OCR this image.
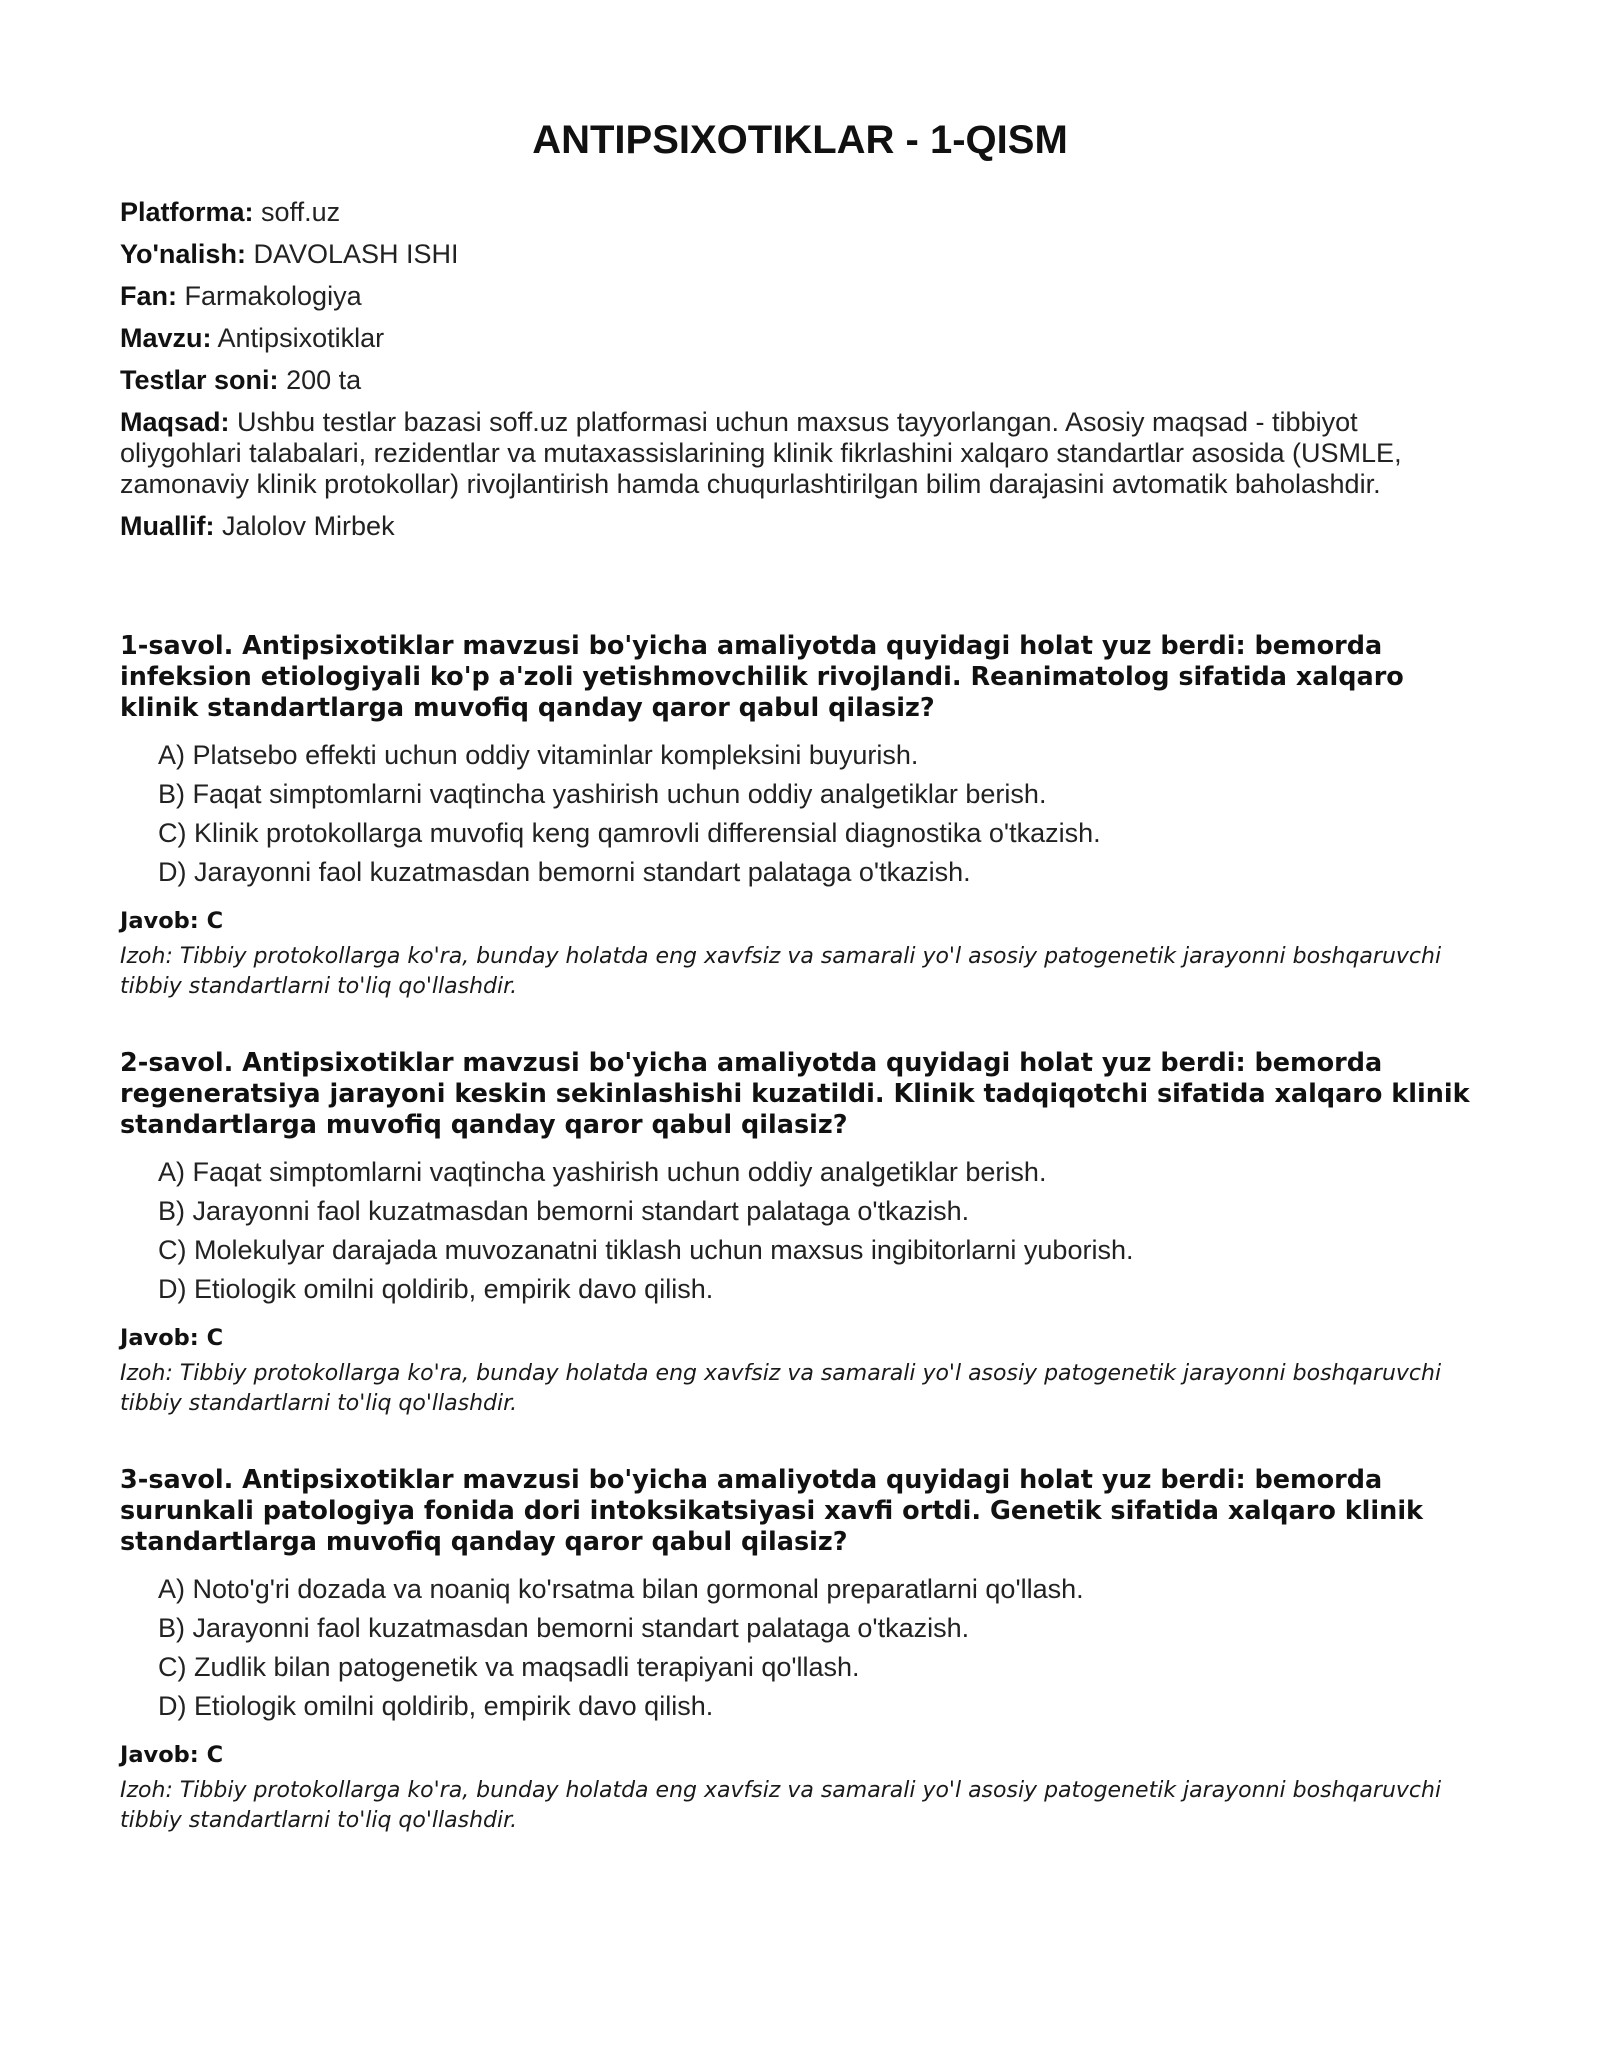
ANTIPSIXOTIKLAR - 1-QISM

Platforma: soff.uz

Yo'nalish: DAVOLASH ISHI

Fan: Farmakologiya

Mavzu: Antipsixotiklar

Testlar soni: 200 ta

Maqsad: Ushbu testlar bazasi soff.uz platformasi uchun maxsus tayyorlangan. Asosiy maqsad - tibbiyot oliygohlari talabalari, rezidentlar va mutaxassislarining klinik fikrlashini xalqaro standartlar asosida (USMLE, zamonaviy klinik protokollar) rivojlantirish hamda chuqurlashtirilgan bilim darajasini avtomatik baholashdir.

Muallif: Jalolov Mirbek

1-savol. Antipsixotiklar mavzusi bo'yicha amaliyotda quyidagi holat yuz berdi: bemorda infeksion etiologiyali ko'p a'zoli yetishmovchilik rivojlandi. Reanimatolog sifatida xalqaro klinik standartlarga muvofiq qanday qaror qabul qilasiz?

A) Platsebo effekti uchun oddiy vitaminlar kompleksini buyurish.
B) Faqat simptomlarni vaqtincha yashirish uchun oddiy analgetiklar berish.
C) Klinik protokollarga muvofiq keng qamrovli differensial diagnostika o'tkazish.
D) Jarayonni faol kuzatmasdan bemorni standart palataga o'tkazish.

Javob: C

Izoh: Tibbiy protokollarga ko'ra, bunday holatda eng xavfsiz va samarali yo'l asosiy patogenetik jarayonni boshqaruvchi tibbiy standartlarni to'liq qo'llashdir.

2-savol. Antipsixotiklar mavzusi bo'yicha amaliyotda quyidagi holat yuz berdi: bemorda regeneratsiya jarayoni keskin sekinlashishi kuzatildi. Klinik tadqiqotchi sifatida xalqaro klinik standartlarga muvofiq qanday qaror qabul qilasiz?

A) Faqat simptomlarni vaqtincha yashirish uchun oddiy analgetiklar berish.
B) Jarayonni faol kuzatmasdan bemorni standart palataga o'tkazish.
C) Molekulyar darajada muvozanatni tiklash uchun maxsus ingibitorlarni yuborish.
D) Etiologik omilni qoldirib, empirik davo qilish.

Javob: C

Izoh: Tibbiy protokollarga ko'ra, bunday holatda eng xavfsiz va samarali yo'l asosiy patogenetik jarayonni boshqaruvchi tibbiy standartlarni to'liq qo'llashdir.

3-savol. Antipsixotiklar mavzusi bo'yicha amaliyotda quyidagi holat yuz berdi: bemorda surunkali patologiya fonida dori intoksikatsiyasi xavfi ortdi. Genetik sifatida xalqaro klinik standartlarga muvofiq qanday qaror qabul qilasiz?

A) Noto'g'ri dozada va noaniq ko'rsatma bilan gormonal preparatlarni qo'llash.
B) Jarayonni faol kuzatmasdan bemorni standart palataga o'tkazish.
C) Zudlik bilan patogenetik va maqsadli terapiyani qo'llash.
D) Etiologik omilni qoldirib, empirik davo qilish.

Javob: C

Izoh: Tibbiy protokollarga ko'ra, bunday holatda eng xavfsiz va samarali yo'l asosiy patogenetik jarayonni boshqaruvchi tibbiy standartlarni to'liq qo'llashdir.
